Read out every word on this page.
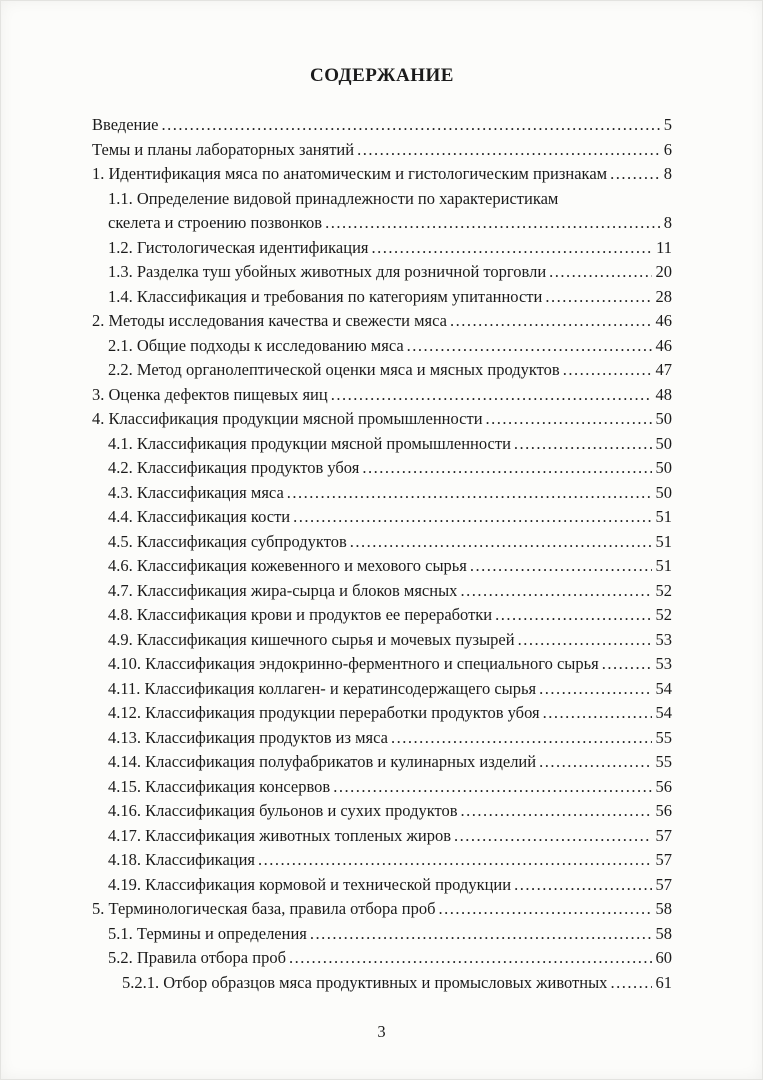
СОДЕРЖАНИЕ
Введение .....	5
Темы и планы лабораторных занятий .....	6
1. Идентификация мяса по анатомическим и гистологическим признакам .....	8
1.1. Определение видовой принадлежности по характеристикам
скелета и строению позвонков .....	8
1.2. Гистологическая идентификация .....	11
1.3. Разделка туш убойных животных для розничной торговли .....	20
1.4. Классификация и требования по категориям упитанности .....	28
2. Методы исследования качества и свежести мяса .....	46
2.1. Общие подходы к исследованию мяса .....	46
2.2. Метод органолептической оценки мяса и мясных продуктов .....	47
3. Оценка дефектов пищевых яиц .....	48
4. Классификация продукции мясной промышленности .....	50
4.1. Классификация продукции мясной промышленности .....	50
4.2. Классификация продуктов убоя .....	50
4.3. Классификация мяса .....	50
4.4. Классификация кости .....	51
4.5. Классификация субпродуктов .....	51
4.6. Классификация кожевенного и мехового сырья .....	51
4.7. Классификация жира-сырца и блоков мясных .....	52
4.8. Классификация крови и продуктов ее переработки .....	52
4.9. Классификация кишечного сырья и мочевых пузырей .....	53
4.10. Классификация эндокринно-ферментного и специального сырья .....	53
4.11. Классификация коллаген- и кератинсодержащего сырья .....	54
4.12. Классификация продукции переработки продуктов убоя .....	54
4.13. Классификация продуктов из мяса .....	55
4.14. Классификация полуфабрикатов и кулинарных изделий .....	55
4.15. Классификация консервов .....	56
4.16. Классификация бульонов и сухих продуктов .....	56
4.17. Классификация животных топленых жиров .....	57
4.18. Классификация .....	57
4.19. Классификация кормовой и технической продукции .....	57
5. Терминологическая база, правила отбора проб .....	58
5.1. Термины и определения .....	58
5.2. Правила отбора проб .....	60
5.2.1. Отбор образцов мяса продуктивных и промысловых животных .....	61
3
